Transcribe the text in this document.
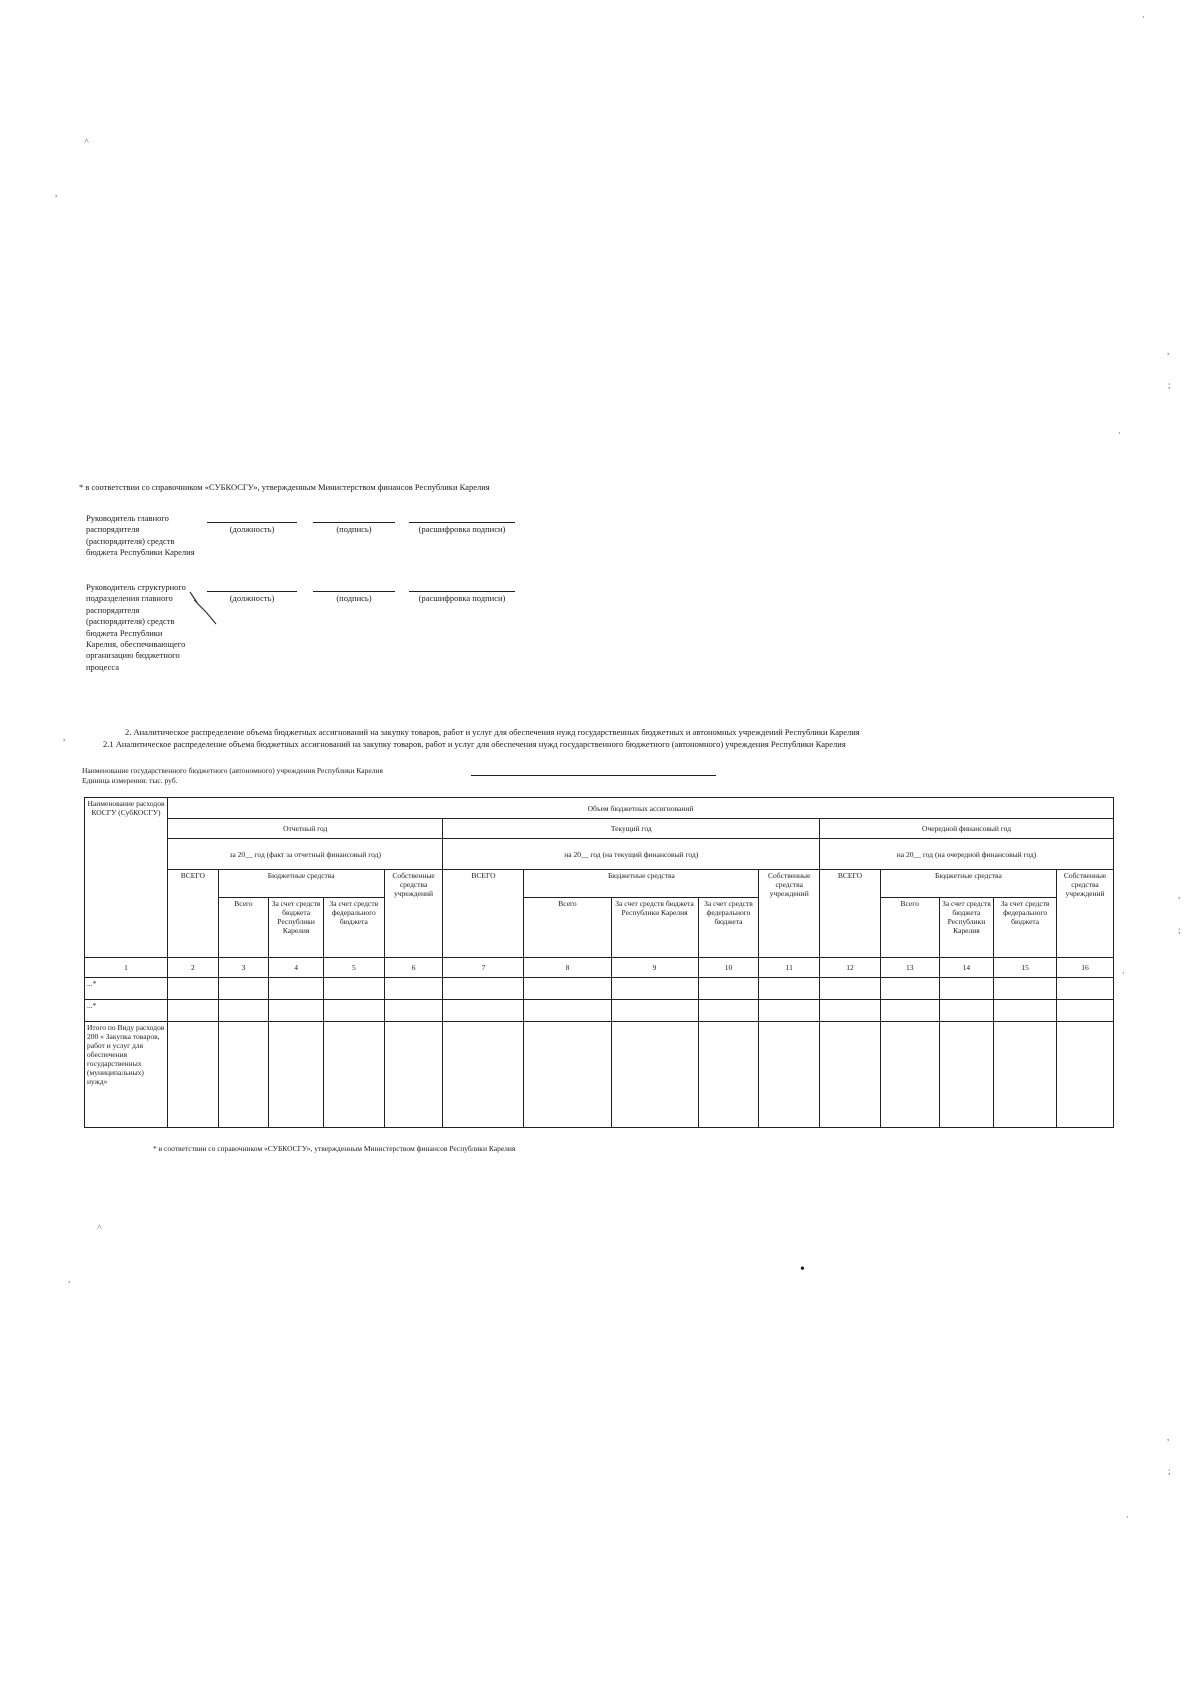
* в соответствии со справочником «СУБКОСГУ», утвержденным Министерством финансов Республики Карелия
Руководитель главного распорядителя (распорядителя) средств бюджета Республики Карелия
(должность)	(подпись)	(расшифровка подписи)
Руководитель структурного подразделения главного распорядителя (распорядителя) средств бюджета Республики Карелия, обеспечивающего организацию бюджетного процесса
(должность)	(подпись)	(расшифровка подписи)
2. Аналитическое распределение объема бюджетных ассигнований на закупку товаров, работ и услуг для обеспечения нужд государственных бюджетных и автономных учреждений Республики Карелия
2.1 Аналитическое распределение объема бюджетных ассигнований на закупку товаров, работ и услуг для обеспечения нужд государственного бюджетного (автономного) учреждения Республики Карелия
Наименование государственного бюджетного (автономного) учреждения Республики Карелия
Единица измерения: тыс. руб.
Наименование расходов КОСГУ (СубКОСГУ)	Объем бюджетных ассигнований														
	Отчетный год					Текущий год					Очередной финансовый год				
	за 20__ год (факт за отчетный финансовый год)					на 20__ год (на текущий финансовый год)					на 20__ год (на очередной финансовый год)				
	ВСЕГО	Бюджетные средства			Собственные средства учреждений	ВСЕГО	Бюджетные средства			Собственные средства учреждений	ВСЕГО	Бюджетные средства			Собственные средства учреждений
		Всего	За счет средств бюджета Республики Карелия	За счет средств федерального бюджета			Всего	За счет средств бюджета Республики Карелия	За счет средств федерального бюджета			Всего	За счет средств бюджета Республики Карелия	За счет средств федерального бюджета	
1	2	3	4	5	6	7	8	9	10	11	12	13	14	15	16
...*															
...*															
Итого по Виду расходов 200 « Закупка товаров, работ и услуг для обеспечения государственных (муниципальных) нужд»															
* в соответствии со справочником «СУБКОСГУ», утвержденным Министерством финансов Республики Карелия
˄
,
·
,
;
·
,
,
;
·
˄
,
•
,
;
·
